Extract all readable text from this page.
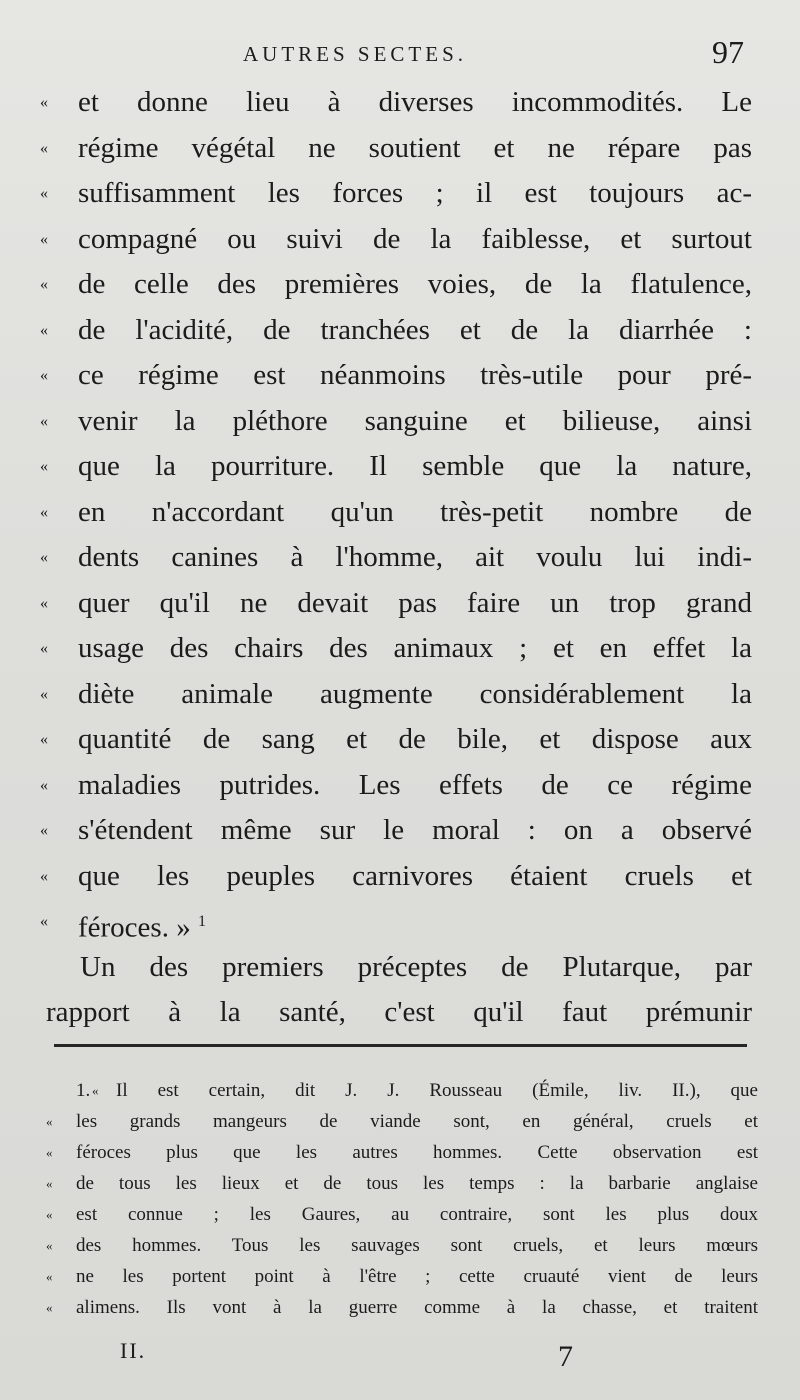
AUTRES SECTES.	97
«	et donne lieu à diverses incommodités. Le
«	régime végétal ne soutient et ne répare pas
«	suffisamment les forces ; il est toujours ac-
«	compagné ou suivi de la faiblesse, et surtout
«	de celle des premières voies, de la flatulence,
«	de l'acidité, de tranchées et de la diarrhée :
«	ce régime est néanmoins très-utile pour pré-
«	venir la pléthore sanguine et bilieuse, ainsi
«	que la pourriture. Il semble que la nature,
«	en n'accordant qu'un très-petit nombre de
«	dents canines à l'homme, ait voulu lui indi-
«	quer qu'il ne devait pas faire un trop grand
«	usage des chairs des animaux ; et en effet la
«	diète animale augmente considérablement la
«	quantité de sang et de bile, et dispose aux
«	maladies putrides. Les effets de ce régime
«	s'étendent même sur le moral : on a observé
«	que les peuples carnivores étaient cruels et
«	féroces. » $^1$
Un des premiers préceptes de Plutarque, par
rapport à la santé, c'est qu'il faut prémunir
1. « Il est certain, dit J. J. Rousseau (Émile, liv. II.), que
« les grands mangeurs de viande sont, en général, cruels et
« féroces plus que les autres hommes. Cette observation est
« de tous les lieux et de tous les temps : la barbarie anglaise
« est connue ; les Gaures, au contraire, sont les plus doux
« des hommes. Tous les sauvages sont cruels, et leurs mœurs
« ne les portent point à l'être ; cette cruauté vient de leurs
« alimens. Ils vont à la guerre comme à la chasse, et traitent
II.	7
